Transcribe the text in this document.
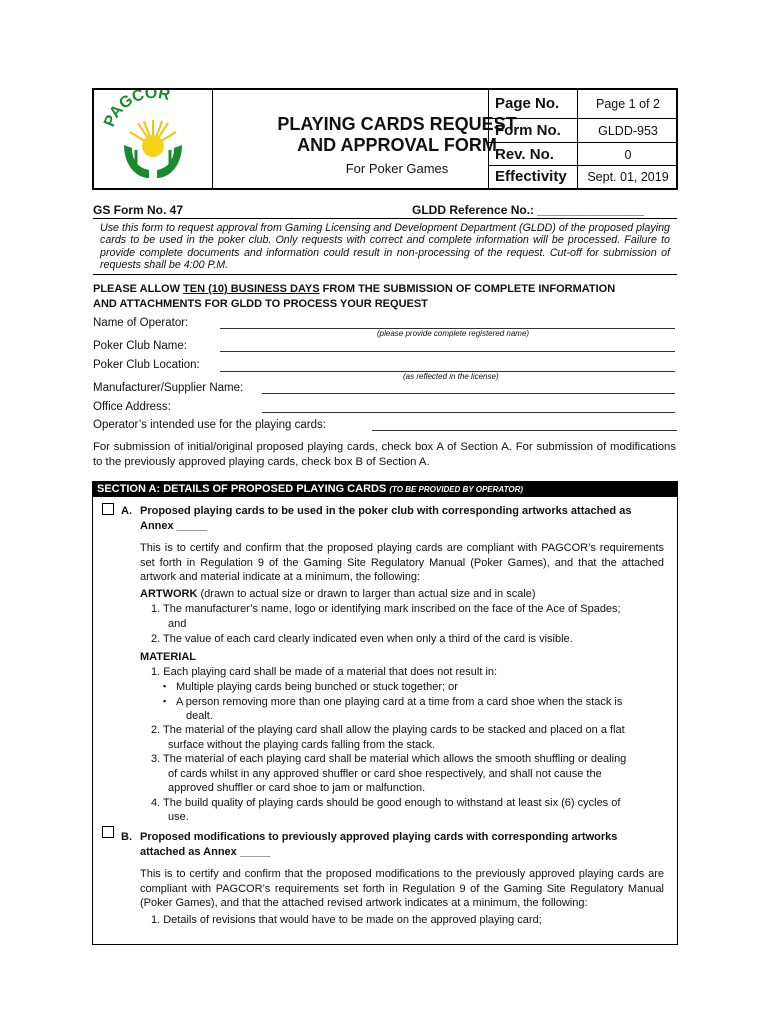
PAGCOR
PLAYING CARDS REQUEST
AND APPROVAL FORM
For Poker Games
Page No.	Page 1 of 2
Form No.	GLDD-953
Rev. No.	0
Effectivity	Sept. 01, 2019
GS Form No. 47	GLDD Reference No.: ________________
Use this form to request approval from Gaming Licensing and Development Department (GLDD) of the proposed playing cards to be used in the poker club. Only requests with correct and complete information will be processed. Failure to provide complete documents and information could result in non-processing of the request. Cut-off for submission of requests shall be 4:00 P.M.
PLEASE ALLOW TEN (10) BUSINESS DAYS FROM THE SUBMISSION OF COMPLETE INFORMATION
AND ATTACHMENTS FOR GLDD TO PROCESS YOUR REQUEST
Name of Operator:
(please provide complete registered name)
Poker Club Name:
Poker Club Location:
(as reflected in the license)
Manufacturer/Supplier Name:
Office Address:
Operator’s intended use for the playing cards:
For submission of initial/original proposed playing cards, check box A of Section A. For submission of modifications to the previously approved playing cards, check box B of Section A.
SECTION A: DETAILS OF PROPOSED PLAYING CARDS (TO BE PROVIDED BY OPERATOR)
A. Proposed playing cards to be used in the poker club with corresponding artworks attached as
Annex _____
This is to certify and confirm that the proposed playing cards are compliant with PAGCOR’s requirements set forth in Regulation 9 of the Gaming Site Regulatory Manual (Poker Games), and that the attached artwork and material indicate at a minimum, the following:
ARTWORK (drawn to actual size or drawn to larger than actual size and in scale)
1. The manufacturer’s name, logo or identifying mark inscribed on the face of the Ace of Spades;
and
2. The value of each card clearly indicated even when only a third of the card is visible.
MATERIAL
1. Each playing card shall be made of a material that does not result in:
▪ Multiple playing cards being bunched or stuck together; or
▪ A person removing more than one playing card at a time from a card shoe when the stack is
dealt.
2. The material of the playing card shall allow the playing cards to be stacked and placed on a flat
surface without the playing cards falling from the stack.
3. The material of each playing card shall be material which allows the smooth shuffling or dealing
of cards whilst in any approved shuffler or card shoe respectively, and shall not cause the
approved shuffler or card shoe to jam or malfunction.
4. The build quality of playing cards should be good enough to withstand at least six (6) cycles of
use.
B. Proposed modifications to previously approved playing cards with corresponding artworks
attached as Annex _____
This is to certify and confirm that the proposed modifications to the previously approved playing cards are compliant with PAGCOR’s requirements set forth in Regulation 9 of the Gaming Site Regulatory Manual (Poker Games), and that the attached revised artwork indicates at a minimum, the following:
1. Details of revisions that would have to be made on the approved playing card;
